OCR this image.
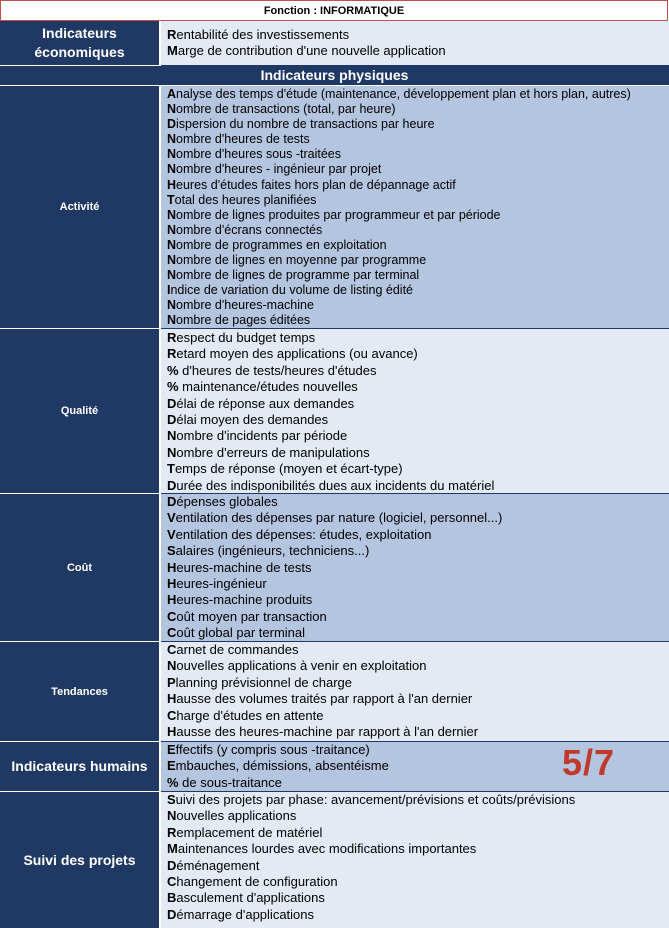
Fonction : INFORMATIQUE
Indicateurs économiques
Rentabilité des investissements
Marge de contribution d'une nouvelle application
Indicateurs physiques
Activité
Analyse des temps d'étude (maintenance, développement plan et hors plan, autres)
Nombre de transactions (total, par heure)
Dispersion du nombre de transactions par heure
Nombre d'heures de tests
Nombre d'heures sous -traitées
Nombre d'heures - ingénieur par projet
Heures d'études faites hors plan de dépannage actif
Total des heures planifiées
Nombre de lignes produites par programmeur et par période
Nombre d'écrans connectés
Nombre de programmes en exploitation
Nombre de lignes en moyenne par programme
Nombre de lignes de programme par terminal
Indice de variation du volume de listing édité
Nombre d'heures-machine
Nombre de pages éditées
Qualité
Respect du budget temps
Retard moyen des applications (ou avance)
% d'heures de tests/heures d'études
% maintenance/études nouvelles
Délai de réponse aux demandes
Délai moyen des demandes
Nombre d'incidents par période
Nombre d'erreurs de manipulations
Temps de réponse (moyen et écart-type)
Durée des indisponibilités dues aux incidents du matériel
Coût
Dépenses globales
Ventilation des dépenses par nature (logiciel, personnel...)
Ventilation des dépenses: études, exploitation
Salaires (ingénieurs, techniciens...)
Heures-machine de tests
Heures-ingénieur
Heures-machine produits
Coût moyen par transaction
Coût global par terminal
Tendances
Carnet de commandes
Nouvelles applications à venir en exploitation
Planning prévisionnel de charge
Hausse des volumes traités par rapport à l'an dernier
Charge d'études en attente
Hausse des heures-machine par rapport à l'an dernier
Indicateurs humains
Effectifs (y compris sous -traitance)
Embauches, démissions, absentéisme
% de sous-traitance
Suivi des projets
Suivi des projets par phase: avancement/prévisions et coûts/prévisions
Nouvelles applications
Remplacement de matériel
Maintenances lourdes avec modifications importantes
Déménagement
Changement de configuration
Basculement d'applications
Démarrage d'applications
5/7
